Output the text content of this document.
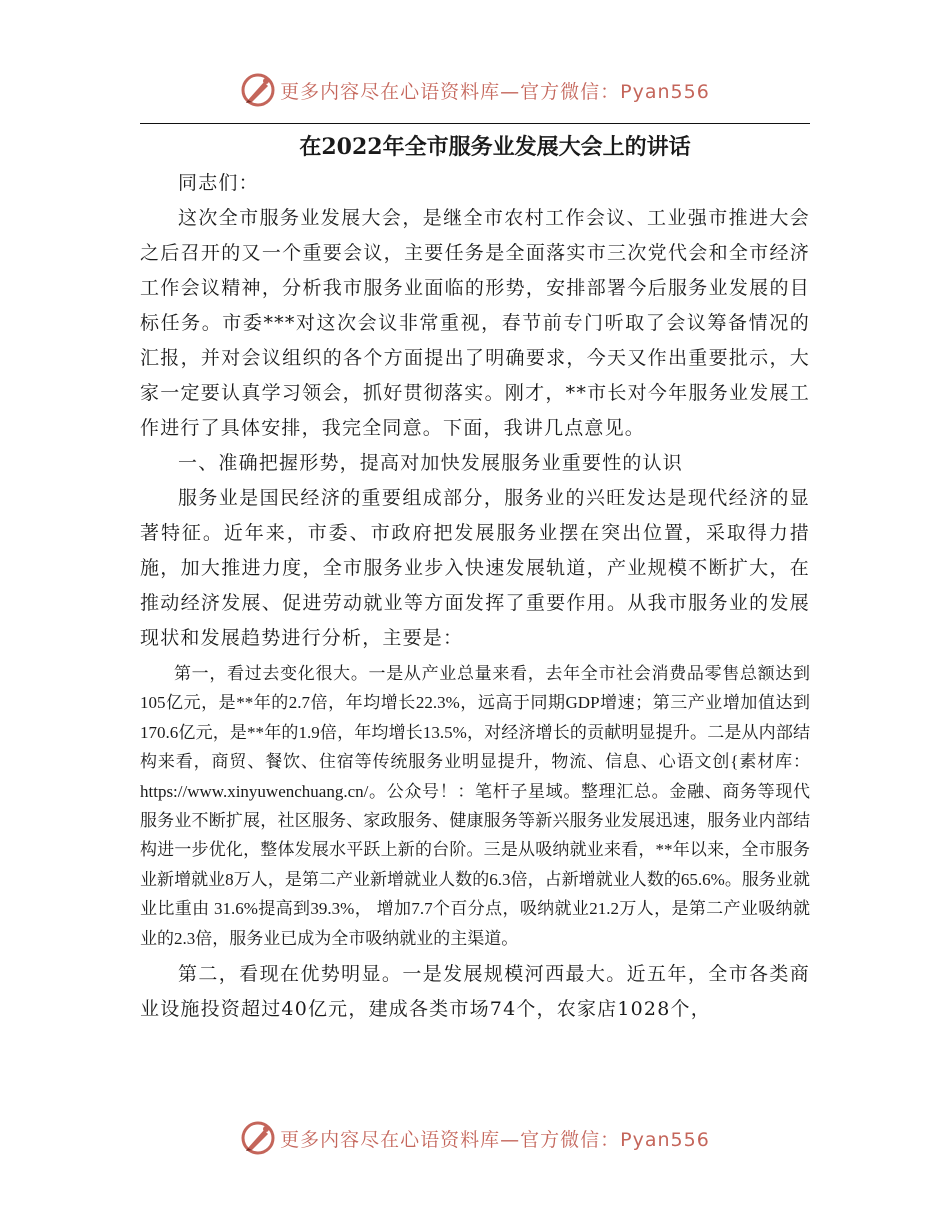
更多内容尽在心语资料库—官方微信：Pyan556
在2022年全市服务业发展大会上的讲话

同志们：

这次全市服务业发展大会，是继全市农村工作会议、工业强市推进大会之后召开的又一个重要会议，主要任务是全面落实市三次党代会和全市经济工作会议精神，分析我市服务业面临的形势，安排部署今后服务业发展的目标任务。市委***对这次会议非常重视，春节前专门听取了会议筹备情况的汇报，并对会议组织的各个方面提出了明确要求，今天又作出重要批示，大家一定要认真学习领会，抓好贯彻落实。刚才，**市长对今年服务业发展工作进行了具体安排，我完全同意。下面，我讲几点意见。

一、准确把握形势，提高对加快发展服务业重要性的认识

服务业是国民经济的重要组成部分，服务业的兴旺发达是现代经济的显著特征。近年来，市委、市政府把发展服务业摆在突出位置，采取得力措施，加大推进力度，全市服务业步入快速发展轨道，产业规模不断扩大，在推动经济发展、促进劳动就业等方面发挥了重要作用。从我市服务业的发展现状和发展趋势进行分析，主要是：

第一，看过去变化很大。一是从产业总量来看，去年全市社会消费品零售总额达到 105亿元，是**年的2.7倍，年均增长22.3%，远高于同期GDP增速；第三产业增加值达到 170.6亿元，是**年的1.9倍，年均增长13.5%，对经济增长的贡献明显提升。二是从内部结构来看，商贸、餐饮、住宿等传统服务业明显提升，物流、信息、心语文创{素材库：https://www.xinyuwenchuang.cn/。公众号！：笔杆子星域。整理汇总。金融、商务等现代服务业不断扩展，社区服务、家政服务、健康服务等新兴服务业发展迅速，服务业内部结构进一步优化，整体发展水平跃上新的台阶。三是从吸纳就业来看，**年以来，全市服务业新增就业8万人，是第二产业新增就业人数的6.3倍，占新增就业人数的65.6%。服务业就业比重由 31.6%提高到39.3%， 增加7.7个百分点，吸纳就业21.2万人，是第二产业吸纳就业的2.3倍，服务业已成为全市吸纳就业的主渠道。

第二，看现在优势明显。一是发展规模河西最大。近五年，全市各类商业设施投资超过40亿元，建成各类市场74个，农家店1028个，

更多内容尽在心语资料库—官方微信：Pyan556
